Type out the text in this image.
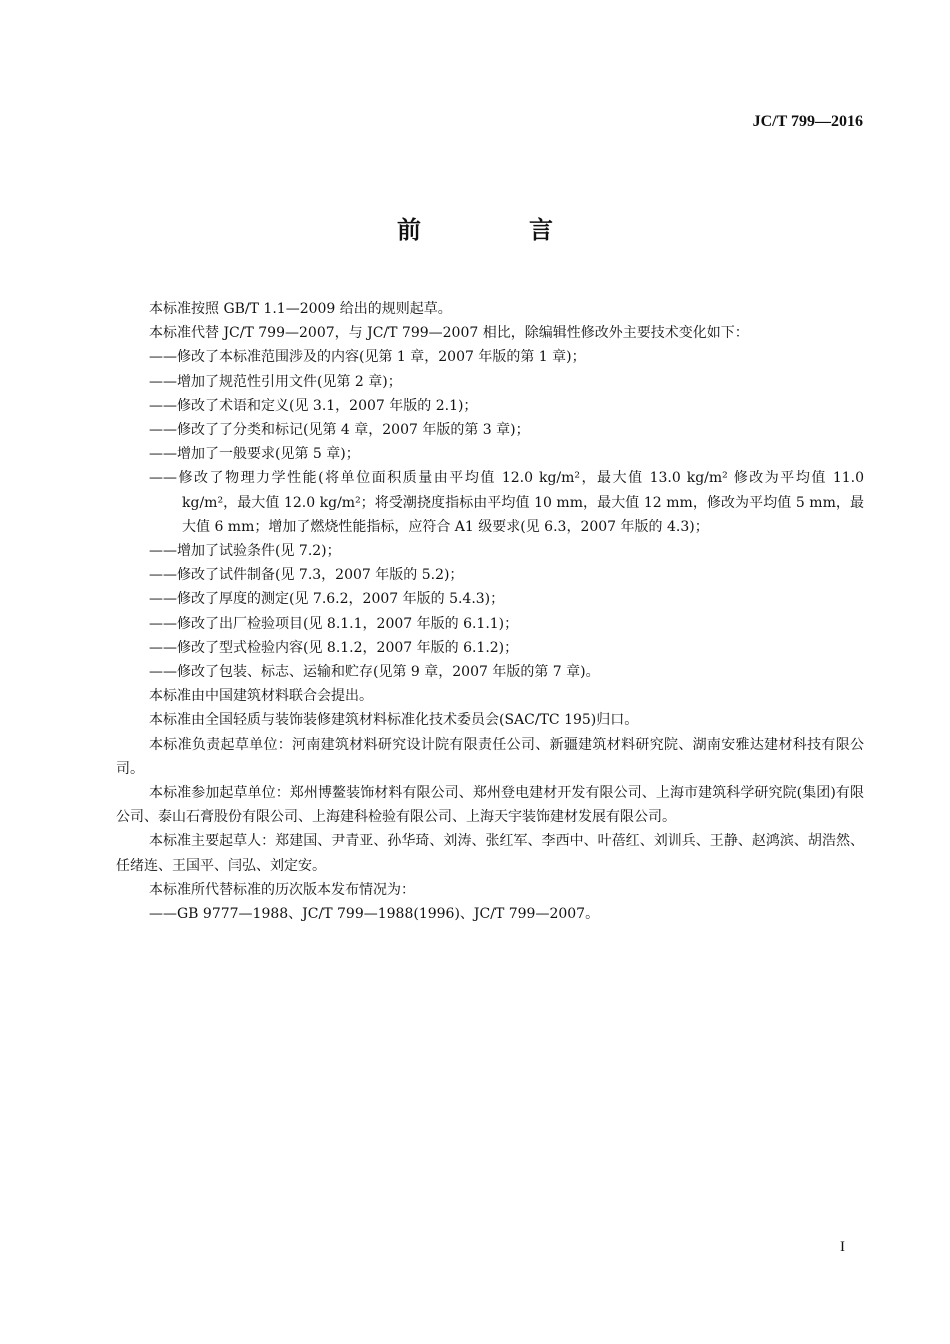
JC/T 799—2016
前　言

本标准按照 GB/T 1.1—2009 给出的规则起草。

本标准代替 JC/T 799—2007，与 JC/T 799—2007 相比，除编辑性修改外主要技术变化如下：

——修改了本标准范围涉及的内容(见第 1 章，2007 年版的第 1 章)；

——增加了规范性引用文件(见第 2 章)；

——修改了术语和定义(见 3.1，2007 年版的 2.1)；

——修改了了分类和标记(见第 4 章，2007 年版的第 3 章)；

——增加了一般要求(见第 5 章)；

——修改了物理力学性能(将单位面积质量由平均值 12.0 kg/m²，最大值 13.0 kg/m² 修改为平均值 11.0 kg/m²，最大值 12.0 kg/m²；将受潮挠度指标由平均值 10 mm，最大值 12 mm，修改为平均值 5 mm，最大值 6 mm；增加了燃烧性能指标，应符合 A1 级要求(见 6.3，2007 年版的 4.3)；

——增加了试验条件(见 7.2)；

——修改了试件制备(见 7.3，2007 年版的 5.2)；

——修改了厚度的测定(见 7.6.2，2007 年版的 5.4.3)；

——修改了出厂检验项目(见 8.1.1，2007 年版的 6.1.1)；

——修改了型式检验内容(见 8.1.2，2007 年版的 6.1.2)；

——修改了包装、标志、运输和贮存(见第 9 章，2007 年版的第 7 章)。

本标准由中国建筑材料联合会提出。

本标准由全国轻质与装饰装修建筑材料标准化技术委员会(SAC/TC 195)归口。

本标准负责起草单位：河南建筑材料研究设计院有限责任公司、新疆建筑材料研究院、湖南安雅达建材科技有限公司。

本标准参加起草单位：郑州博鳌装饰材料有限公司、郑州登电建材开发有限公司、上海市建筑科学研究院(集团)有限公司、泰山石膏股份有限公司、上海建科检验有限公司、上海天宇装饰建材发展有限公司。

本标准主要起草人：郑建国、尹青亚、孙华琦、刘涛、张红军、李西中、叶蓓红、刘训兵、王静、赵鸿滨、胡浩然、任绪连、王国平、闫弘、刘定安。

本标准所代替标准的历次版本发布情况为：

——GB 9777—1988、JC/T 799—1988(1996)、JC/T 799—2007。

I
